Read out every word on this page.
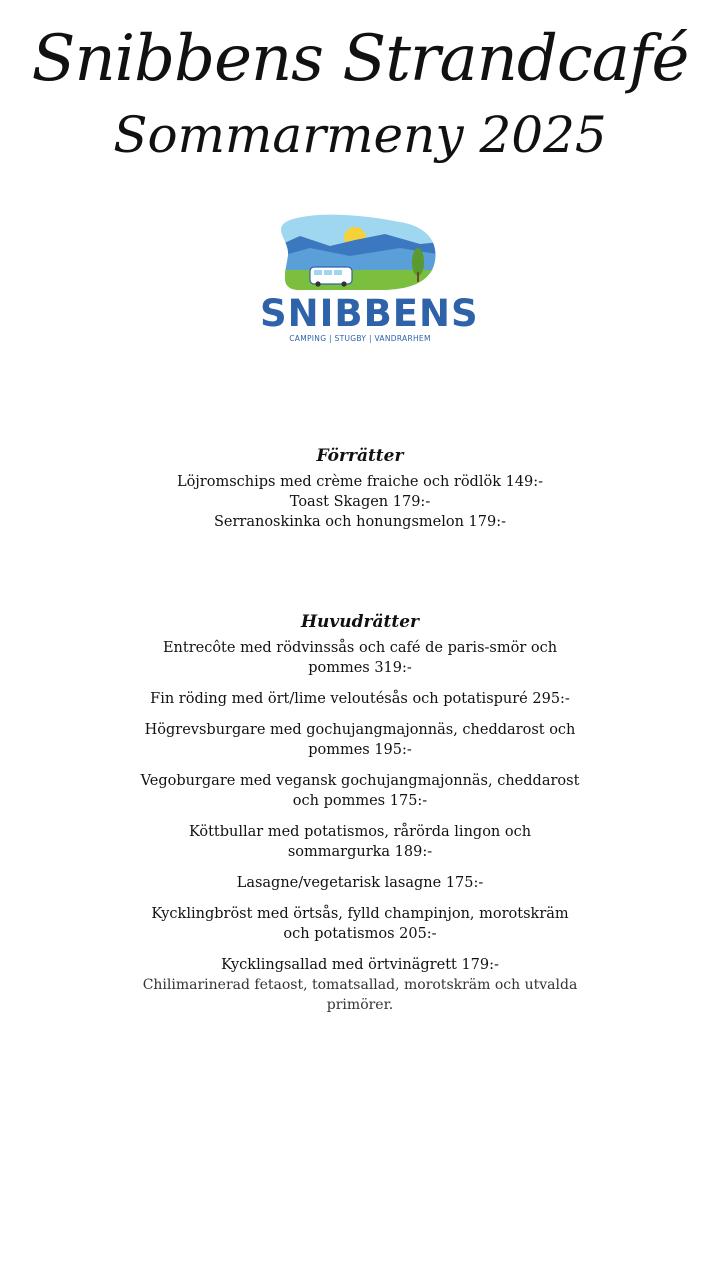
Snibbens Strandcafé
Sommarmeny 2025
SNIBBENS
CAMPING | STUGBY | VANDRARHEM

Förrätter

Löjromschips med crème fraiche och rödlök 149:-

Toast Skagen 179:-

Serranoskinka och honungsmelon 179:-

Huvudrätter

Entrecôte med rödvinssås och café de paris-smör och pommes 319:-

Fin röding med ört/lime veloutésås och potatispuré 295:-

Högrevsburgare med gochujangmajonnäs, cheddarost och pommes 195:-

Vegoburgare med vegansk gochujangmajonnäs, cheddarost och pommes 175:-

Köttbullar med potatismos, rårörda lingon och sommargurka 189:-

Lasagne/vegetarisk lasagne 175:-

Kycklingbröst med örtsås, fylld champinjon, morotskräm och potatismos 205:-

Kycklingsallad med örtvinägrett 179:-

Chilimarinerad fetaost, tomatsallad, morotskräm och utvalda primörer.
